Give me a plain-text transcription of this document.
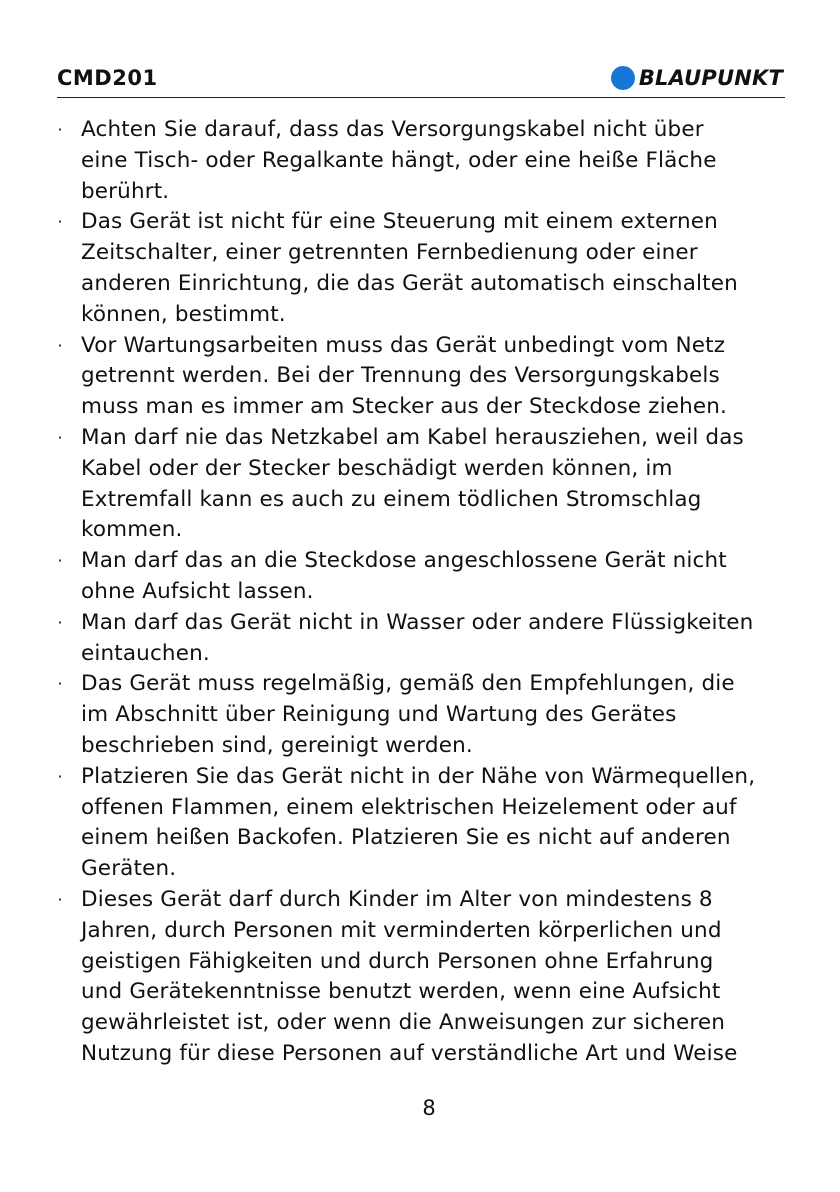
CMD201	BLAUPUNKT
· Achten Sie darauf, dass das Versorgungskabel nicht über
eine Tisch- oder Regalkante hängt, oder eine heiße Fläche
berührt.
· Das Gerät ist nicht für eine Steuerung mit einem externen
Zeitschalter, einer getrennten Fernbedienung oder einer
anderen Einrichtung, die das Gerät automatisch einschalten
können, bestimmt.
· Vor Wartungsarbeiten muss das Gerät unbedingt vom Netz
getrennt werden. Bei der Trennung des Versorgungskabels
muss man es immer am Stecker aus der Steckdose ziehen.
· Man darf nie das Netzkabel am Kabel herausziehen, weil das
Kabel oder der Stecker beschädigt werden können, im
Extremfall kann es auch zu einem tödlichen Stromschlag
kommen.
· Man darf das an die Steckdose angeschlossene Gerät nicht
ohne Aufsicht lassen.
· Man darf das Gerät nicht in Wasser oder andere Flüssigkeiten
eintauchen.
· Das Gerät muss regelmäßig, gemäß den Empfehlungen, die
im Abschnitt über Reinigung und Wartung des Gerätes
beschrieben sind, gereinigt werden.
· Platzieren Sie das Gerät nicht in der Nähe von Wärmequellen,
offenen Flammen, einem elektrischen Heizelement oder auf
einem heißen Backofen. Platzieren Sie es nicht auf anderen
Geräten.
· Dieses Gerät darf durch Kinder im Alter von mindestens 8
Jahren, durch Personen mit verminderten körperlichen und
geistigen Fähigkeiten und durch Personen ohne Erfahrung
und Gerätekenntnisse benutzt werden, wenn eine Aufsicht
gewährleistet ist, oder wenn die Anweisungen zur sicheren
Nutzung für diese Personen auf verständliche Art und Weise
8
